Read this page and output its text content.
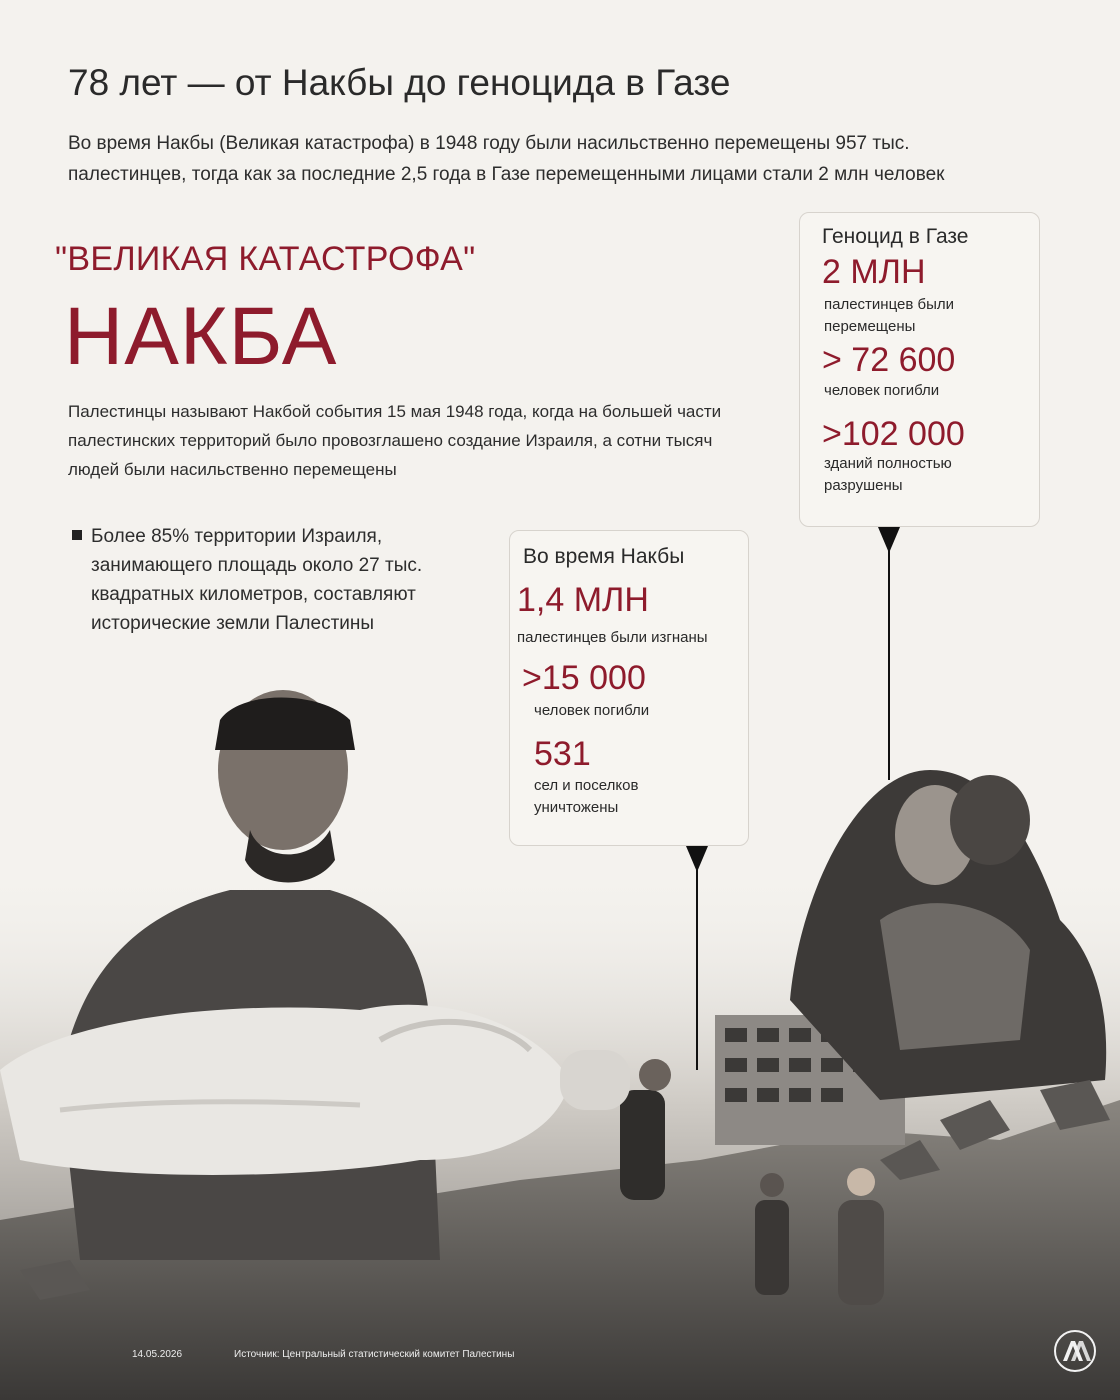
78 лет — от Накбы до геноцида в Газе
Во время Накбы (Великая катастрофа) в 1948 году были насильственно перемещены 957 тыс. палестинцев, тогда как за последние 2,5 года в Газе перемещенными лицами стали 2 млн человек
"ВЕЛИКАЯ КАТАСТРОФА"
НАКБА
Палестинцы называют Накбой события 15 мая 1948 года, когда на большей части палестинских территорий было провозглашено создание Израиля, а сотни тысяч людей были насильственно перемещены
Более 85% территории Израиля, занимающего площадь около 27 тыс. квадратных километров, составляют исторические земли Палестины
Геноцид в Газе
2 МЛН
палестинцев были перемещены
> 72 600
человек погибли
>102 000
зданий полностью разрушены
Во время Накбы
1,4 МЛН
палестинцев были изгнаны
>15 000
человек погибли
531
сел и поселков уничтожены
14.05.2026	Источник: Центральный статистический комитет Палестины
